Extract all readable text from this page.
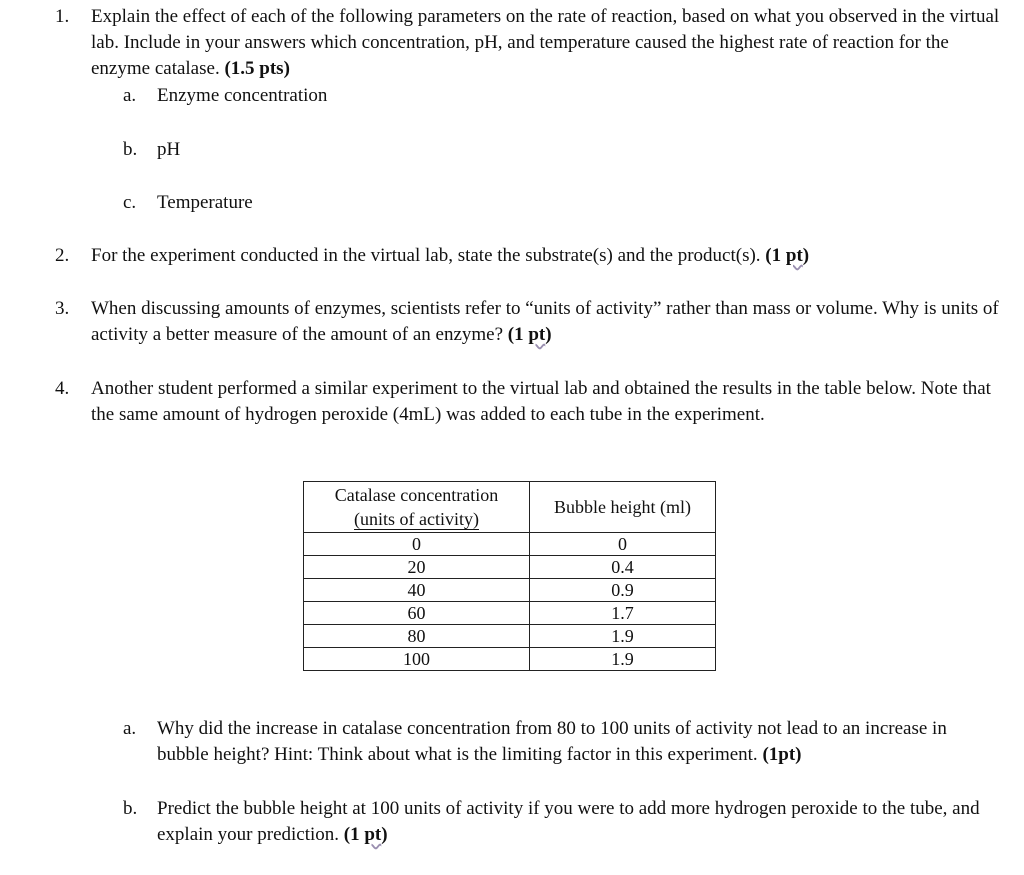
1. Explain the effect of each of the following parameters on the rate of reaction, based on what you observed in the virtual lab. Include in your answers which concentration, pH, and temperature caused the highest rate of reaction for the enzyme catalase. (1.5 pts)
a. Enzyme concentration
b. pH
c. Temperature
2. For the experiment conducted in the virtual lab, state the substrate(s) and the product(s). (1 pt)
3. When discussing amounts of enzymes, scientists refer to “units of activity” rather than mass or volume. Why is units of activity a better measure of the amount of an enzyme? (1 pt)
4. Another student performed a similar experiment to the virtual lab and obtained the results in the table below. Note that the same amount of hydrogen peroxide (4mL) was added to each tube in the experiment.
Catalase concentration
(units of activity)	Bubble height (ml)
0	0
20	0.4
40	0.9
60	1.7
80	1.9
100	1.9
a. Why did the increase in catalase concentration from 80 to 100 units of activity not lead to an increase in bubble height? Hint: Think about what is the limiting factor in this experiment. (1pt)
b. Predict the bubble height at 100 units of activity if you were to add more hydrogen peroxide to the tube, and explain your prediction. (1 pt)
